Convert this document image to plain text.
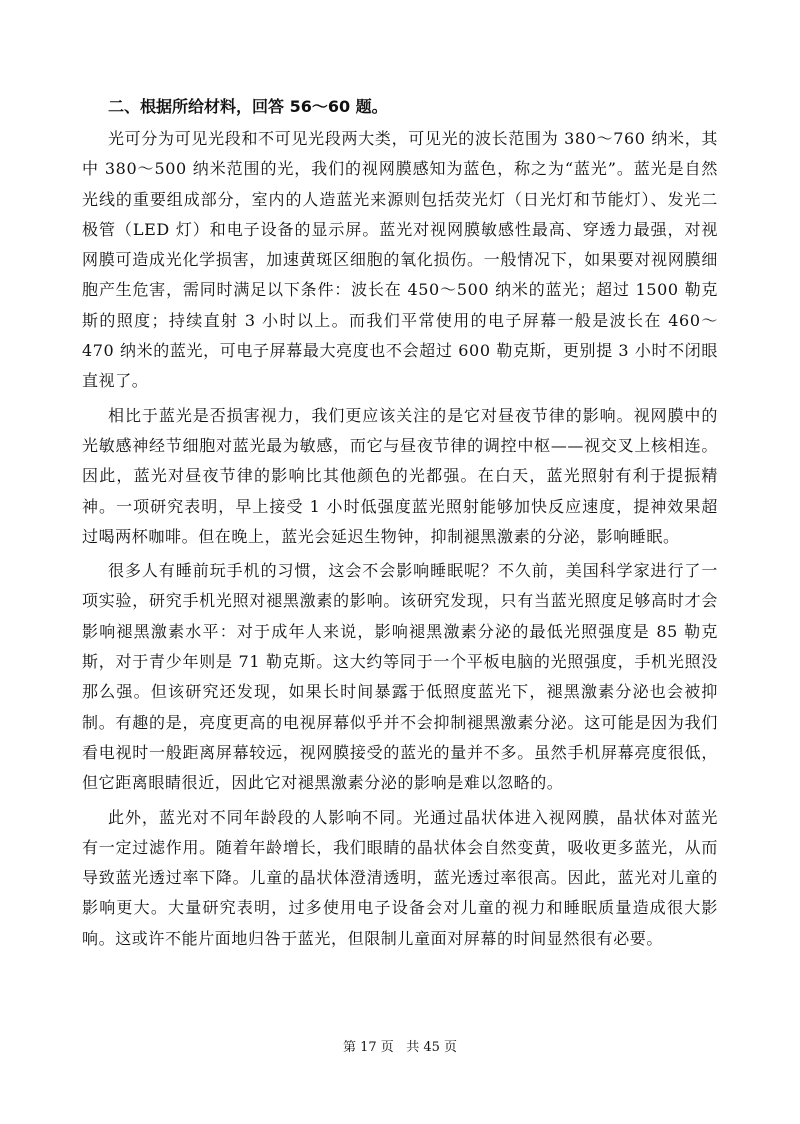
二、根据所给材料，回答 56～60 题。

光可分为可见光段和不可见光段两大类，可见光的波长范围为 380～760 纳米，其中 380～500 纳米范围的光，我们的视网膜感知为蓝色，称之为“蓝光”。蓝光是自然光线的重要组成部分，室内的人造蓝光来源则包括荧光灯（日光灯和节能灯）、发光二极管（LED 灯）和电子设备的显示屏。蓝光对视网膜敏感性最高、穿透力最强，对视网膜可造成光化学损害，加速黄斑区细胞的氧化损伤。一般情况下，如果要对视网膜细胞产生危害，需同时满足以下条件：波长在 450～500 纳米的蓝光；超过 1500 勒克斯的照度；持续直射 3 小时以上。而我们平常使用的电子屏幕一般是波长在 460～470 纳米的蓝光，可电子屏幕最大亮度也不会超过 600 勒克斯，更别提 3 小时不闭眼直视了。

相比于蓝光是否损害视力，我们更应该关注的是它对昼夜节律的影响。视网膜中的光敏感神经节细胞对蓝光最为敏感，而它与昼夜节律的调控中枢——视交叉上核相连。因此，蓝光对昼夜节律的影响比其他颜色的光都强。在白天，蓝光照射有利于提振精神。一项研究表明，早上接受 1 小时低强度蓝光照射能够加快反应速度，提神效果超过喝两杯咖啡。但在晚上，蓝光会延迟生物钟，抑制褪黑激素的分泌，影响睡眠。

很多人有睡前玩手机的习惯，这会不会影响睡眠呢？不久前，美国科学家进行了一项实验，研究手机光照对褪黑激素的影响。该研究发现，只有当蓝光照度足够高时才会影响褪黑激素水平：对于成年人来说，影响褪黑激素分泌的最低光照强度是 85 勒克斯，对于青少年则是 71 勒克斯。这大约等同于一个平板电脑的光照强度，手机光照没那么强。但该研究还发现，如果长时间暴露于低照度蓝光下，褪黑激素分泌也会被抑制。有趣的是，亮度更高的电视屏幕似乎并不会抑制褪黑激素分泌。这可能是因为我们看电视时一般距离屏幕较远，视网膜接受的蓝光的量并不多。虽然手机屏幕亮度很低，但它距离眼睛很近，因此它对褪黑激素分泌的影响是难以忽略的。

此外，蓝光对不同年龄段的人影响不同。光通过晶状体进入视网膜，晶状体对蓝光有一定过滤作用。随着年龄增长，我们眼睛的晶状体会自然变黄，吸收更多蓝光，从而导致蓝光透过率下降。儿童的晶状体澄清透明，蓝光透过率很高。因此，蓝光对儿童的影响更大。大量研究表明，过多使用电子设备会对儿童的视力和睡眠质量造成很大影响。这或许不能片面地归咎于蓝光，但限制儿童面对屏幕的时间显然很有必要。

第 17 页   共 45 页
